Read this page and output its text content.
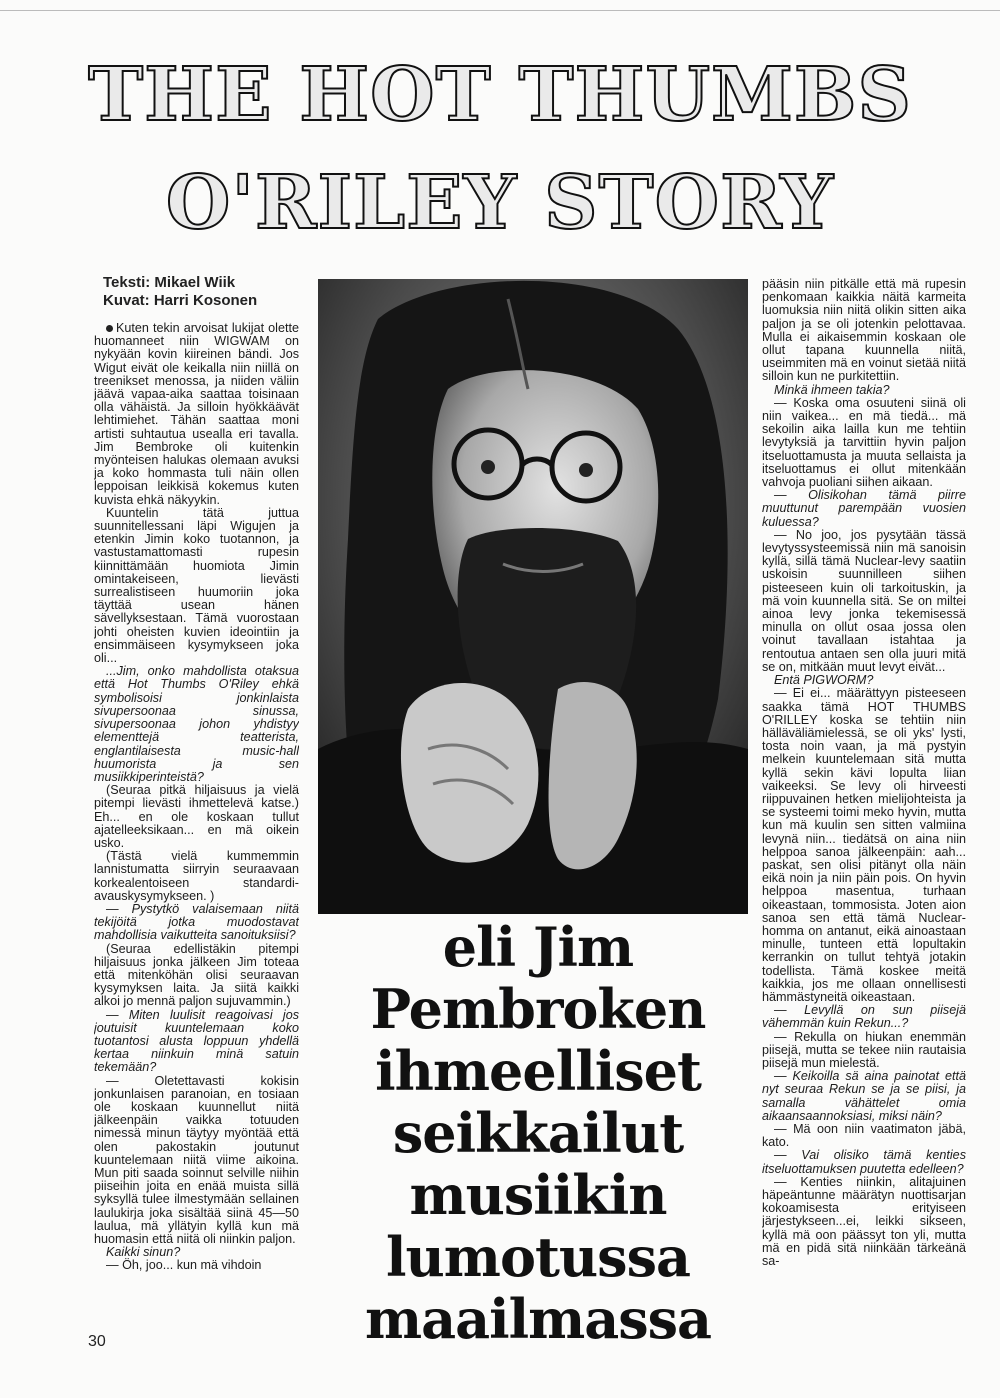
THE HOT THUMBS
O'RILEY STORY
Teksti: Mikael Wiik
Kuvat: Harri Kosonen

Kuten tekin arvoisat lukijat olette huomanneet niin WIGWAM on nykyään kovin kiireinen bändi. Jos Wigut eivät ole keikalla niin niillä on treenikset menossa, ja niiden väliin jäävä vapaa-aika saattaa toisinaan olla vähäistä. Ja silloin hyökkäävät lehtimiehet. Tähän saattaa moni artisti suhtautua usealla eri tavalla. Jim Bembroke oli kuitenkin myönteisen halukas olemaan avuksi ja koko hommasta tuli näin ollen leppoisan leikkisä kokemus kuten kuvista ehkä näkyykin.

Kuuntelin tätä juttua suunnitellessani läpi Wigujen ja etenkin Jimin koko tuotannon, ja vastustamattomasti rupesin kiinnittämään huomiota Jimin omintakeiseen, lievästi surrealistiseen huumoriin joka täyttää usean hänen sävellyksestaan. Tämä vuorostaan johti oheisten kuvien ideointiin ja ensimmäiseen kysymykseen joka oli...

...Jim, onko mahdollista otaksua että Hot Thumbs O'Riley ehkä symbolisoisi jonkinlaista sivupersoonaa sinussa, sivupersoonaa johon yhdistyy elementtejä teatteristа, englantilaisesta music-hall huumorista ja sen musiikkiperinteistä?

(Seuraa pitkä hiljaisuus ja vielä pitempi lievästi ihmettelevä katse.) Eh... en ole koskaan tullut ajatelleeksikaan... en mä oikein usko.

(Tästä vielä kummemmin lannistumatta siirryin seuraavaan korkealentoiseen standardi-avauskysymykseen. )

— Pystytkö valaisemaan niitä tekijöitä jotka muodostavat mahdollisia vaikutteita sanoituksiisi?

(Seuraa edellistäkin pitempi hiljaisuus jonka jälkeen Jim toteaa että mitenköhän olisi seuraavan kysymyksen laita. Ja siitä kaikki alkoi jo mennä paljon sujuvammin.)

— Miten luulisit reagoivasi jos joutuisit kuuntelemaan koko tuotantosi alusta loppuun yhdellä kertaa niinkuin minä satuin tekemään?

— Oletettavasti kokisin jonkunlaisen paranoian, en tosiaan ole koskaan kuunnellut niitä jälkeenpäin vaikka totuuden nimessä minun täytyy myöntää että olen pakostakin joutunut kuuntelemaan niitä viime aikoina. Mun piti saada soinnut selville niihin piiseihin joita en enää muista sillä syksyllä tulee ilmestymään sellainen laulukirja joka sisältää siinä 45—50 laulua, mä yllätyin kyllä kun mä huomasin että niitä oli niinkin paljon.

Kaikki sinun?

— Öh, joo... kun mä vihdoin

eli Jim
Pembroken
ihmeelliset
seikkailut
musiikin
lumotussa
maailmassa

pääsin niin pitkälle että mä rupesin penkomaan kaikkia näitä karmeita luomuksia niin niitä olikin sitten aika paljon ja se oli jotenkin pelottavaa. Mulla ei aikaisemmin koskaan ole ollut tapana kuunnella niitä, useimmiten mä en voinut sietää niitä silloin kun ne purkitettiin.

Minkä ihmeen takia?

— Koska oma osuuteni siinä oli niin vaikea... en mä tiedä... mä sekoilin aika lailla kun me tehtiin levytyksiä ja tarvittiin hyvin paljon itseluottamusta ja muuta sellaista ja itseluottamus ei ollut mitenkään vahvoja puoliani siihen aikaan.

— Olisikohan tämä piirre muuttunut parempään vuosien kuluessa?

— No joo, jos pysytään tässä levytyssysteemissä niin mä sanoisin kyllä, sillä tämä Nuclear-levy saatiin uskoisin suunnilleen siihen pisteeseen kuin oli tarkoituskin, ja mä voin kuunnella sitä. Se on miltei ainoa levy jonka tekemisessä minulla on ollut osaa jossa olen voinut tavallaan istahtaa ja rentoutua antaen sen olla juuri mitä se on, mitkään muut levyt eivät...

Entä PIGWORM?

— Ei ei... määrättyyn pisteeseen saakka tämä HOT THUMBS O'RILLEY koska se tehtiin niin hälläväliämielessä, se oli yks' lysti, tosta noin vaan, ja mä pystyin melkein kuuntelemaan sitä mutta kyllä sekin kävi lopulta liian vaikeeksi. Se levy oli hirveesti riippuvainen hetken mielijohteista ja se systeemi toimi meko hyvin, mutta kun mä kuulin sen sitten valmiina levynä niin... tiedätsä on aina niin helppoa sanoa jälkeenpäin: aah... paskat, sen olisi pitänyt olla näin eikä noin ja niin päin pois. On hyvin helppoa masentua, turhaan oikeastaan, tommosista. Joten aion sanoa sen että tämä Nuclear-homma on antanut, eikä ainoastaan minulle, tunteen että lopultakin kerrankin on tullut tehtyä jotakin todellista. Tämä koskee meitä kaikkia, jos me ollaan onnellisesti hämmästyneitä oikeastaan.

— Levyllä on sun piisejä vähemmän kuin Rekun...?

— Rekulla on hiukan enemmän piisejä, mutta se tekee niin rautaisia piisejä mun mielestä.

— Keikoilla sä aina painotat että nyt seuraa Rekun se ja se piisi, ja samalla vähättelet omia aikaansaannoksiasi, miksi näin?

— Mä oon niin vaatimaton jäbä, kato.

— Vai olisiko tämä kenties itseluottamuksen puutetta edelleen?

— Kenties niinkin, alitajuinen häpeäntunne määrätyn nuottisarjan kokoamisesta erityiseen järjestykseen...ei, leikki sikseen, kyllä mä oon päässyt ton yli, mutta mä en pidä sitä niinkään tärkeänä sa-

30
